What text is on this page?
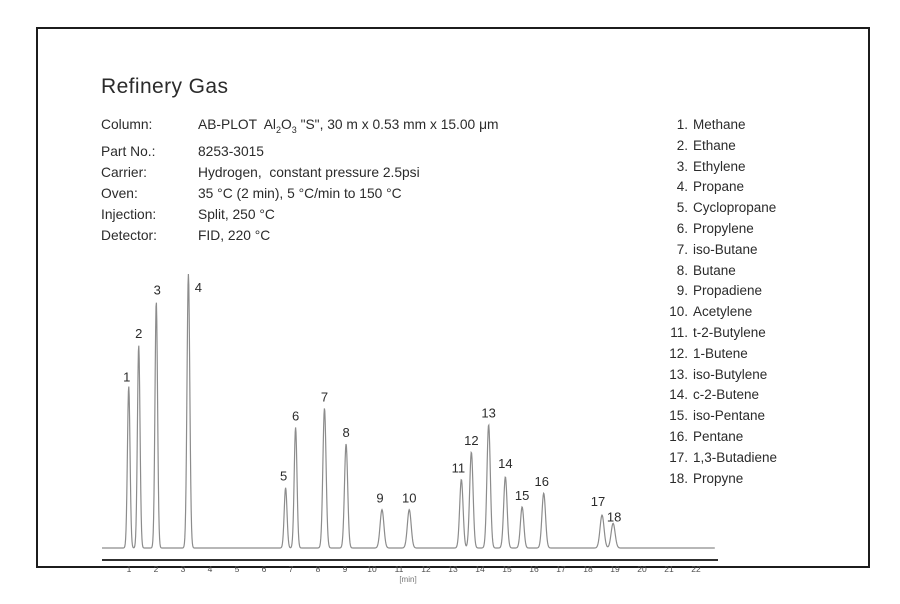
Refinery Gas
Column:	AB-PLOT  $Al_2O_3$ "S", 30 m x 0.53 mm x 15.00 μm
Part No.:	8253-3015
Carrier:	Hydrogen,  constant pressure 2.5psi
Oven:	35 °C (2 min), 5 °C/min to 150 °C
Injection:	Split, 250 °C
Detector:	FID, 220 °C
1. Methane
2. Ethane
3. Ethylene
4. Propane
5. Cyclopropane
6. Propylene
7. iso-Butane
8. Butane
9. Propadiene
10. Acetylene
11. t-2-Butylene
12. 1-Butene
13. iso-Butylene
14. c-2-Butene
15. iso-Pentane
16. Pentane
17. 1,3-Butadiene
18. Propyne
1	2	3	4	5	6	7	8	9 10 11 12 13 14 15 16 17 18 19 20 21 22
[min]
1
2
3	4
5
6
7
8
9 10
11
12
13
14
15
16
17
18
